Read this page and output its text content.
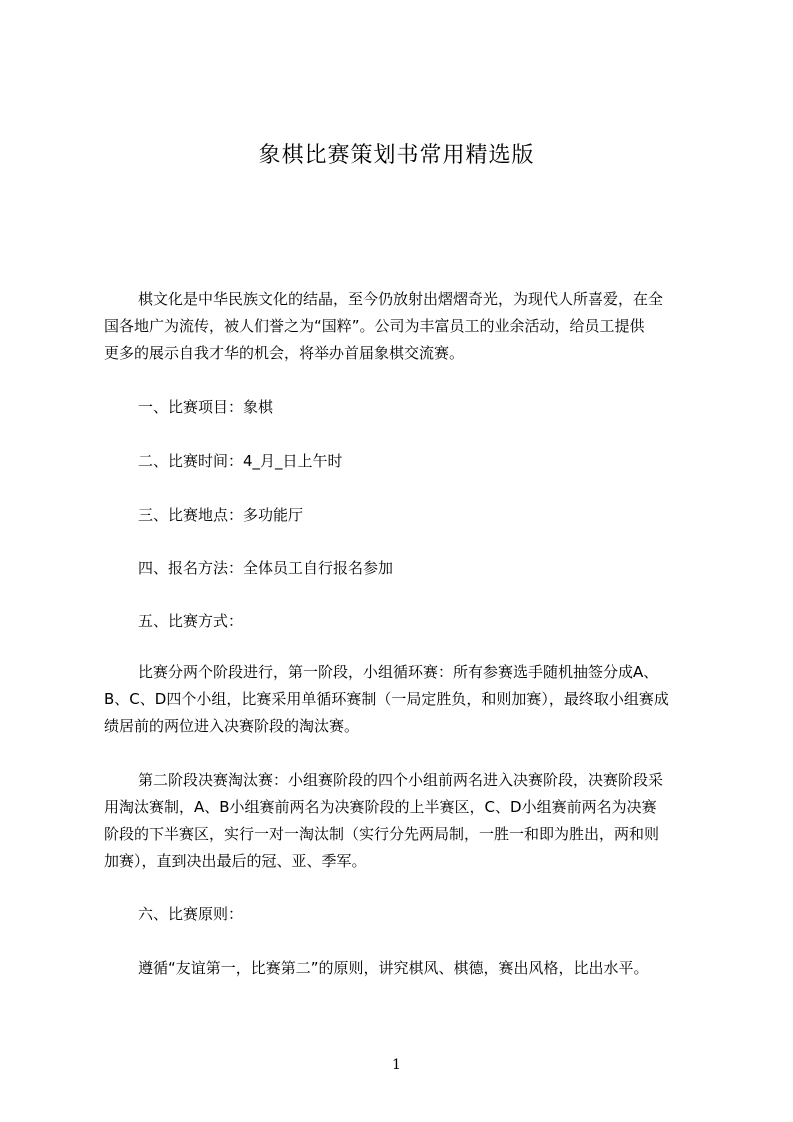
象棋比赛策划书常用精选版
棋文化是中华民族文化的结晶，至今仍放射出熠熠奇光，为现代人所喜爱，在全
国各地广为流传，被人们誉之为“国粹”。公司为丰富员工的业余活动，给员工提供
更多的展示自我才华的机会，将举办首届象棋交流赛。
一、比赛项目：象棋
二、比赛时间：4_月_日上午时
三、比赛地点：多功能厅
四、报名方法：全体员工自行报名参加
五、比赛方式：
比赛分两个阶段进行，第一阶段，小组循环赛：所有参赛选手随机抽签分成A、
B、C、D四个小组，比赛采用单循环赛制（一局定胜负，和则加赛），最终取小组赛成
绩居前的两位进入决赛阶段的淘汰赛。
第二阶段决赛淘汰赛：小组赛阶段的四个小组前两名进入决赛阶段，决赛阶段采
用淘汰赛制，A、B小组赛前两名为决赛阶段的上半赛区，C、D小组赛前两名为决赛
阶段的下半赛区，实行一对一淘汰制（实行分先两局制，一胜一和即为胜出，两和则
加赛），直到决出最后的冠、亚、季军。
六、比赛原则：
遵循“友谊第一，比赛第二”的原则，讲究棋风、棋德，赛出风格，比出水平。
1
